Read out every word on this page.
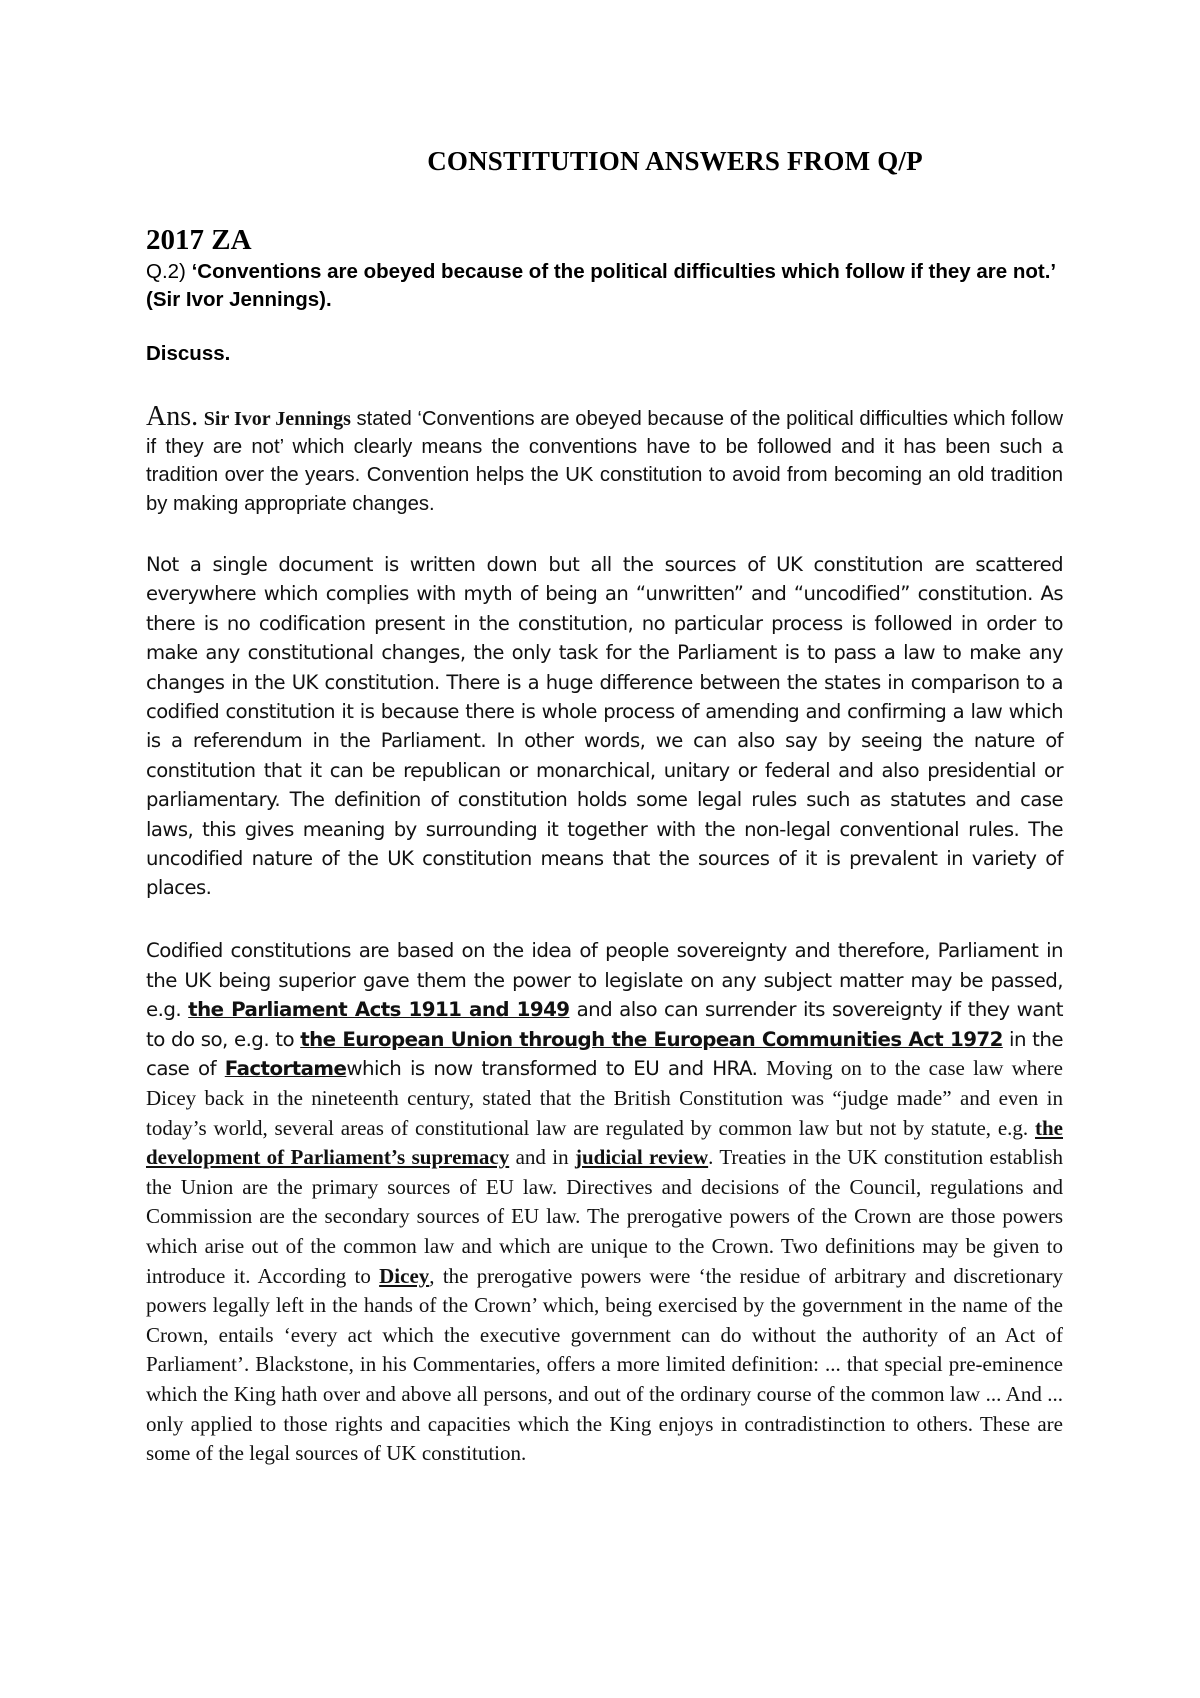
CONSTITUTION ANSWERS FROM Q/P
2017 ZA
Q.2) ‘Conventions are obeyed because of the political difficulties which follow if they are not.’ (Sir Ivor Jennings).
Discuss.
Ans. Sir Ivor Jennings stated ‘Conventions are obeyed because of the political difficulties which follow if they are not’ which clearly means the conventions have to be followed and it has been such a tradition over the years. Convention helps the UK constitution to avoid from becoming an old tradition by making appropriate changes.
Not a single document is written down but all the sources of UK constitution are scattered everywhere which complies with myth of being an “unwritten” and “uncodified” constitution. As there is no codification present in the constitution, no particular process is followed in order to make any constitutional changes, the only task for the Parliament is to pass a law to make any changes in the UK constitution. There is a huge difference between the states in comparison to a codified constitution it is because there is whole process of amending and confirming a law which is a referendum in the Parliament. In other words, we can also say by seeing the nature of constitution that it can be republican or monarchical, unitary or federal and also presidential or parliamentary. The definition of constitution holds some legal rules such as statutes and case laws, this gives meaning by surrounding it together with the non-legal conventional rules. The uncodified nature of the UK constitution means that the sources of it is prevalent in variety of places.
Codified constitutions are based on the idea of people sovereignty and therefore, Parliament in the UK being superior gave them the power to legislate on any subject matter may be passed, e.g. the Parliament Acts 1911 and 1949 and also can surrender its sovereignty if they want to do so, e.g. to the European Union through the European Communities Act 1972 in the case of Factortamewhich is now transformed to EU and HRA. Moving on to the case law where Dicey back in the nineteenth century, stated that the British Constitution was “judge made” and even in today’s world, several areas of constitutional law are regulated by common law but not by statute, e.g. the development of Parliament’s supremacy and in judicial review. Treaties in the UK constitution establish the Union are the primary sources of EU law. Directives and decisions of the Council, regulations and Commission are the secondary sources of EU law. The prerogative powers of the Crown are those powers which arise out of the common law and which are unique to the Crown. Two definitions may be given to introduce it. According to Dicey, the prerogative powers were ‘the residue of arbitrary and discretionary powers legally left in the hands of the Crown’ which, being exercised by the government in the name of the Crown, entails ‘every act which the executive government can do without the authority of an Act of Parliament’. Blackstone, in his Commentaries, offers a more limited definition: ... that special pre-eminence which the King hath over and above all persons, and out of the ordinary course of the common law ... And ... only applied to those rights and capacities which the King enjoys in contradistinction to others. These are some of the legal sources of UK constitution.
